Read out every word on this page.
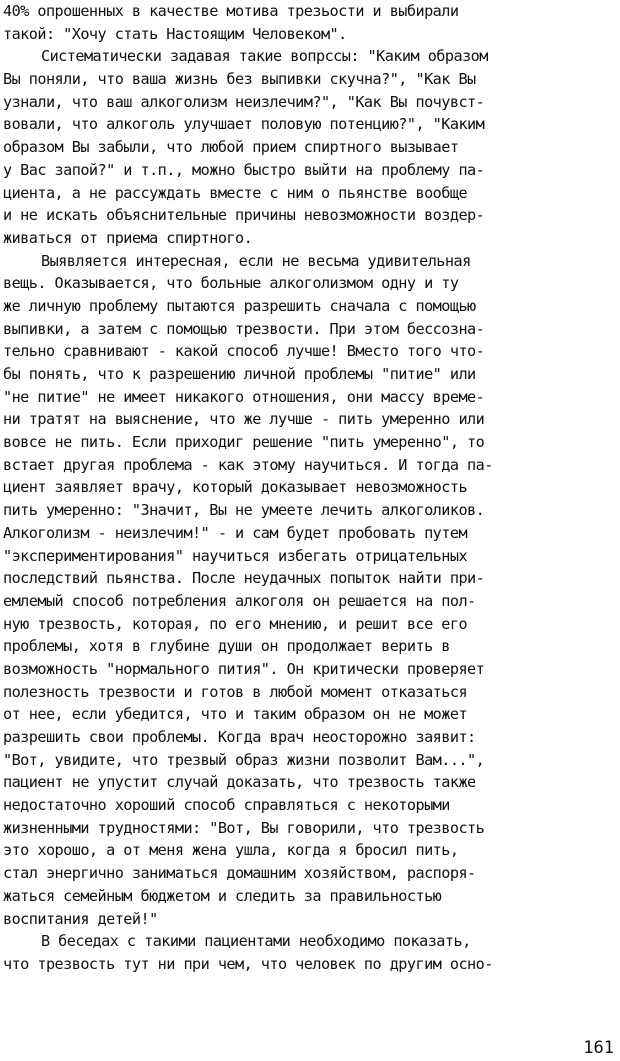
40% опрошенных в качестве мотива трезьости и выбирали
такой: "Хочу стать Настоящим Человеком".
Систематически задавая такие вопрссы: "Каким образом
Вы поняли, что ваша жизнь без выпивки скучна?", "Как Вы
узнали, что ваш алкоголизм неизлечим?", "Как Вы почувст-
вовали, что алкоголь улучшает половую потенцию?", "Каким
образом Вы забыли, что любой прием спиртного вызывает
у Вас запой?" и т.п., можно быстро выйти на проблему па-
циента, а не рассуждать вместе с ним о пьянстве вообще
и не искать объяснительные причины невозможности воздер-
живаться от приема спиртного.
Выявляется интересная, если не весьма удивительная
вещь. Оказывается, что больные алкоголизмом одну и ту
же личную проблему пытаются разрешить сначала с помощью
выпивки, а затем с помощью трезвости. При этом бессозна-
тельно сравнивают - какой способ лучше! Вместо того что-
бы понять, что к разрешению личной проблемы "питие" или
"не питие" не имеет никакого отношения, они массу време-
ни тратят на выяснение, что же лучше - пить умеренно или
вовсе не пить. Если приходиг решение "пить умеренно", то
встает другая проблема - как этому научиться. И тогда па-
циент заявляет врачу, который доказывает невозможность
пить умеренно: "Значит, Вы не умеете лечить алкоголиков.
Алкоголизм - неизлечим!" - и сам будет пробовать путем
"экспериментирования" научиться избегать отрицательных
последствий пьянства. После неудачных попыток найти при-
емлемый способ потребления алкоголя он решается на пол-
ную трезвость, которая, по его мнению, и решит все его
проблемы, хотя в глубине души он продолжает верить в
возможность "нормального пития". Он критически проверяет
полезность трезвости и готов в любой момент отказаться
от нее, если убедится, что и таким образом он не может
разрешить свои проблемы. Когда врач неосторожно заявит:
"Вот, увидите, что трезвый образ жизни позволит Вам...",
пациент не упустит случай доказать, что трезвость также
недостаточно хороший способ справляться с некоторыми
жизненными трудностями: "Вот, Вы говорили, что трезвость
это хорошо, а от меня жена ушла, когда я бросил пить,
стал энергично заниматься домашним хозяйством, распоря-
жаться семейным бюджетом и следить за правильностью
воспитания детей!"
В беседах с такими пациентами необходимо показать,
что трезвость тут ни при чем, что человек по другим осно-
161
